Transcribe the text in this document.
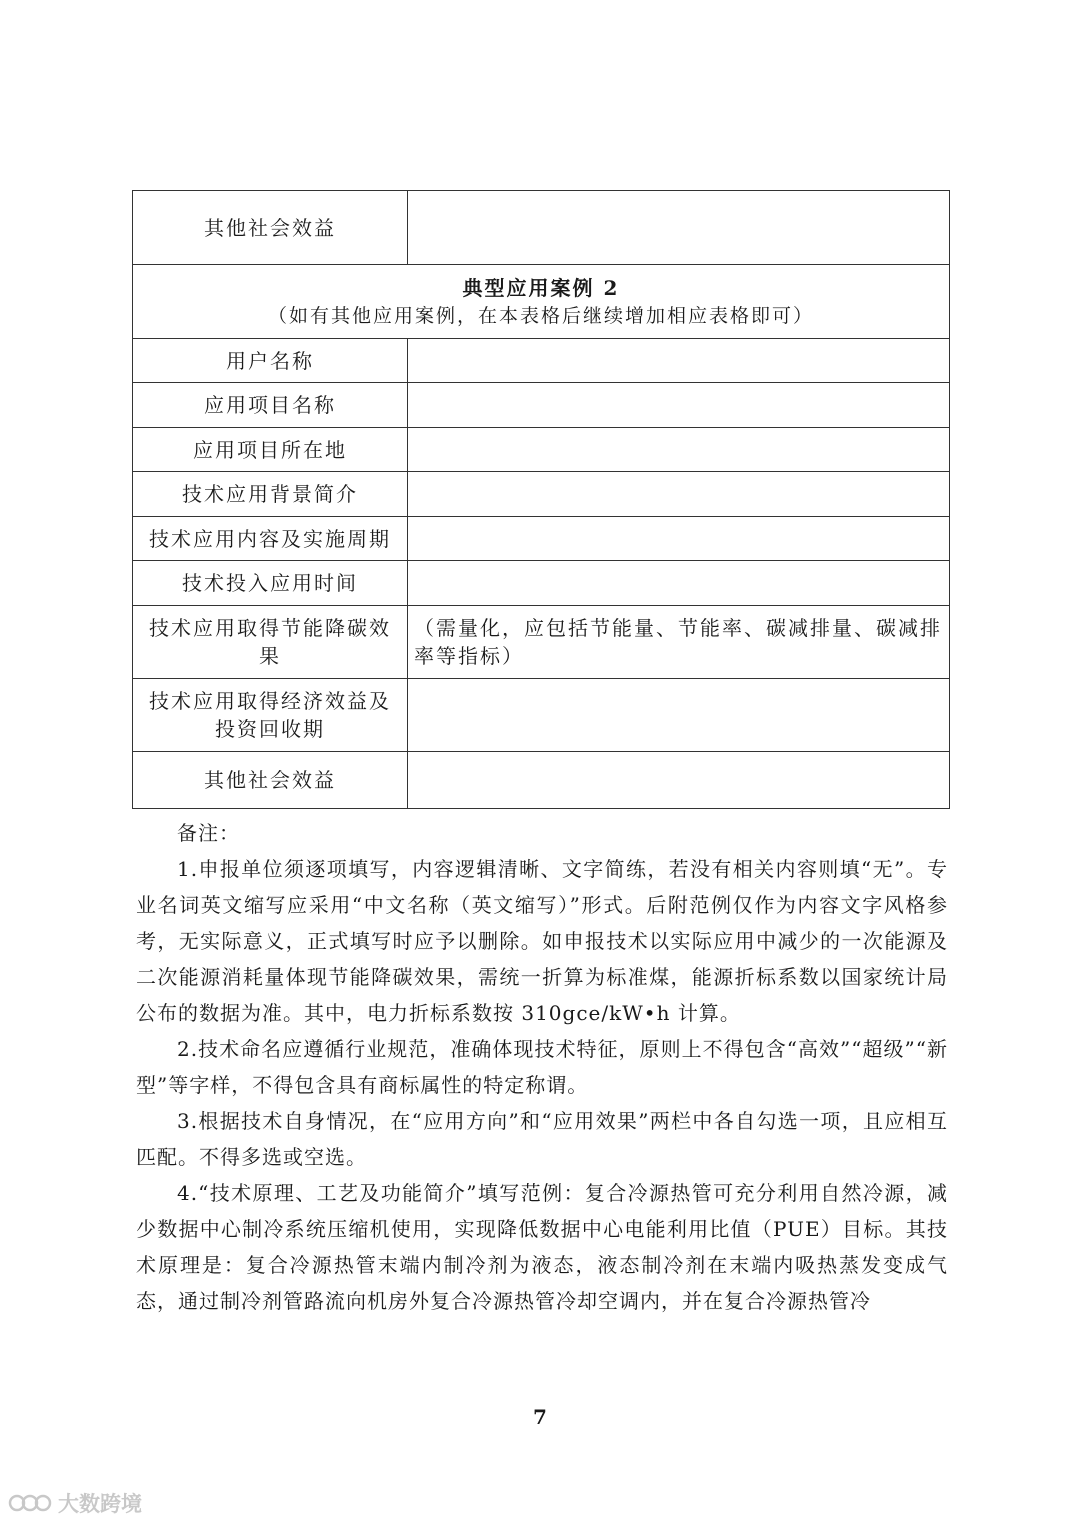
其他社会效益	

典型应用案例 2
（如有其他应用案例，在本表格后继续增加相应表格即可）	

用户名称	
应用项目名称	
应用项目所在地	
技术应用背景简介	
技术应用内容及实施周期	
技术投入应用时间	
技术应用取得节能降碳效果	（需量化，应包括节能量、节能率、碳减排量、碳减排率等指标）
技术应用取得经济效益及投资回收期	
其他社会效益	

备注：

1.申报单位须逐项填写，内容逻辑清晰、文字简练，若没有相关内容则填“无”。专业名词英文缩写应采用“中文名称（英文缩写）”形式。后附范例仅作为内容文字风格参考，无实际意义，正式填写时应予以删除。如申报技术以实际应用中减少的一次能源及二次能源消耗量体现节能降碳效果，需统一折算为标准煤，能源折标系数以国家统计局公布的数据为准。其中，电力折标系数按 310gce/kW•h 计算。

2.技术命名应遵循行业规范，准确体现技术特征，原则上不得包含“高效”“超级”“新型”等字样，不得包含具有商标属性的特定称谓。

3.根据技术自身情况，在“应用方向”和“应用效果”两栏中各自勾选一项，且应相互匹配。不得多选或空选。

4.“技术原理、工艺及功能简介”填写范例：复合冷源热管可充分利用自然冷源，减少数据中心制冷系统压缩机使用，实现降低数据中心电能利用比值（PUE）目标。其技术原理是：复合冷源热管末端内制冷剂为液态，液态制冷剂在末端内吸热蒸发变成气态，通过制冷剂管路流向机房外复合冷源热管冷却空调内，并在复合冷源热管冷

7
大数跨境
